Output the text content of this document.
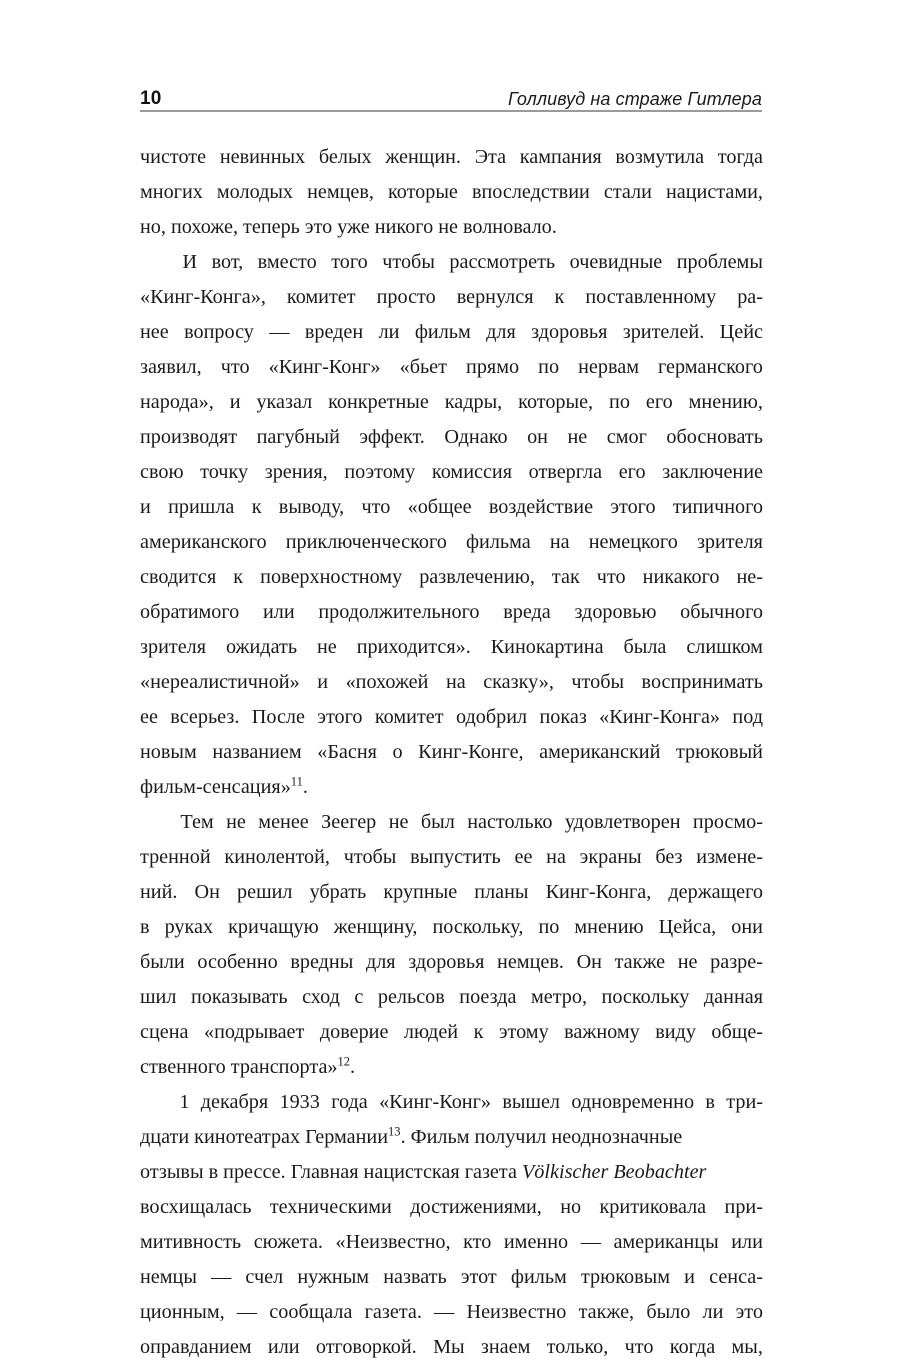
10	Голливуд на страже Гитлера

чистоте невинных белых женщин. Эта кампания возмутила тогда
многих молодых немцев, которые впоследствии стали нацистами,
но, похоже, теперь это уже никого не волновало.

И вот, вместо того чтобы рассмотреть очевидные проблемы
«Кинг-Конга», комитет просто вернулся к поставленному ра-
нее вопросу — вреден ли фильм для здоровья зрителей. Цейс
заявил, что «Кинг-Конг» «бьет прямо по нервам германского
народа», и указал конкретные кадры, которые, по его мнению,
производят пагубный эффект. Однако он не смог обосновать
свою точку зрения, поэтому комиссия отвергла его заключение
и пришла к выводу, что «общее воздействие этого типичного
американского приключенческого фильма на немецкого зрителя
сводится к поверхностному развлечению, так что никакого не-
обратимого или продолжительного вреда здоровью обычного
зрителя ожидать не приходится». Кинокартина была слишком
«нереалистичной» и «похожей на сказку», чтобы воспринимать
ее всерьез. После этого комитет одобрил показ «Кинг-Конга» под
новым названием «Басня о Кинг-Конге, американский трюковый
фильм-сенсация»$^{11}$.

Тем не менее Зеегер не был настолько удовлетворен просмо-
тренной кинолентой, чтобы выпустить ее на экраны без измене-
ний. Он решил убрать крупные планы Кинг-Конга, держащего
в руках кричащую женщину, поскольку, по мнению Цейса, они
были особенно вредны для здоровья немцев. Он также не разре-
шил показывать сход с рельсов поезда метро, поскольку данная
сцена «подрывает доверие людей к этому важному виду обще-
ственного транспорта»$^{12}$.

1 декабря 1933 года «Кинг-Конг» вышел одновременно в три-
дцати кинотеатрах Германии$^{13}$. Фильм получил неоднозначные
отзывы в прессе. Главная нацистская газета Völkischer Beobachter
восхищалась техническими достижениями, но критиковала при-
митивность сюжета. «Неизвестно, кто именно — американцы или
немцы — счел нужным назвать этот фильм трюковым и сенса-
ционным, — сообщала газета. — Неизвестно также, было ли это
оправданием или отговоркой. Мы знаем только, что когда мы,
